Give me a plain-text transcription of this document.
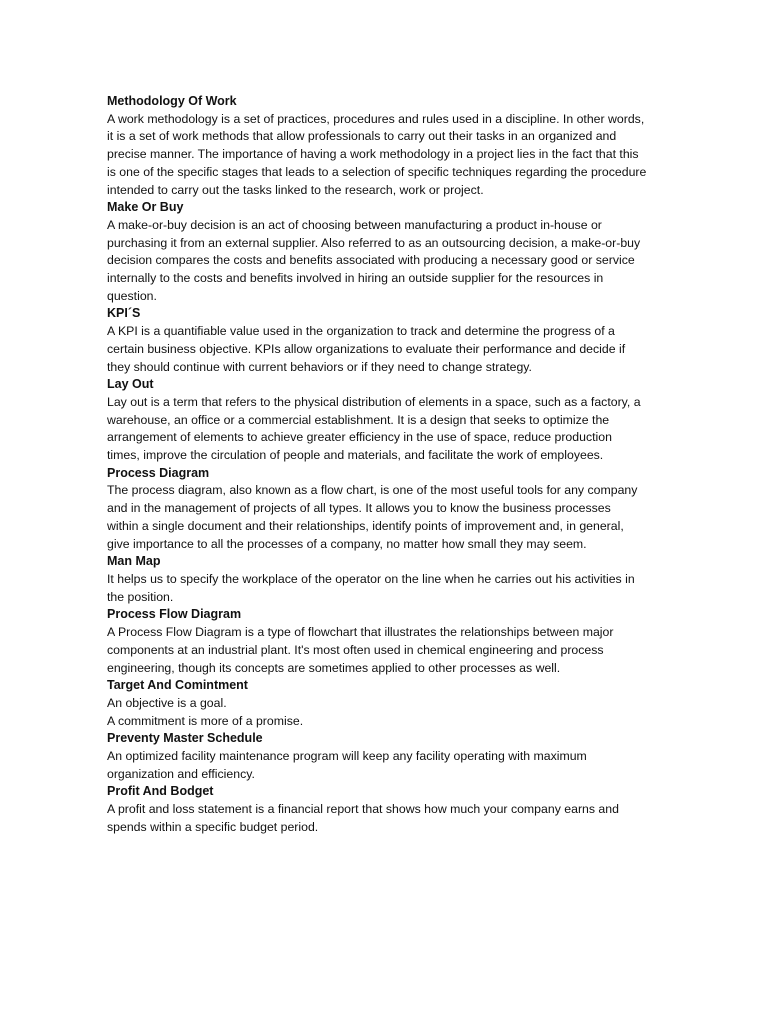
Methodology Of Work
A work methodology is a set of practices, procedures and rules used in a discipline. In other words,
it is a set of work methods that allow professionals to carry out their tasks in an organized and
precise manner. The importance of having a work methodology in a project lies in the fact that this
is one of the specific stages that leads to a selection of specific techniques regarding the procedure
intended to carry out the tasks linked to the research, work or project.
Make Or Buy
A make-or-buy decision is an act of choosing between manufacturing a product in-house or
purchasing it from an external supplier. Also referred to as an outsourcing decision, a make-or-buy
decision compares the costs and benefits associated with producing a necessary good or service
internally to the costs and benefits involved in hiring an outside supplier for the resources in
question.
KPI´S
A KPI is a quantifiable value used in the organization to track and determine the progress of a
certain business objective. KPIs allow organizations to evaluate their performance and decide if
they should continue with current behaviors or if they need to change strategy.
Lay Out
Lay out is a term that refers to the physical distribution of elements in a space, such as a factory, a
warehouse, an office or a commercial establishment. It is a design that seeks to optimize the
arrangement of elements to achieve greater efficiency in the use of space, reduce production
times, improve the circulation of people and materials, and facilitate the work of employees.
Process Diagram
The process diagram, also known as a flow chart, is one of the most useful tools for any company
and in the management of projects of all types. It allows you to know the business processes
within a single document and their relationships, identify points of improvement and, in general,
give importance to all the processes of a company, no matter how small they may seem.
Man Map
It helps us to specify the workplace of the operator on the line when he carries out his activities in
the position.
Process Flow Diagram
A Process Flow Diagram is a type of flowchart that illustrates the relationships between major
components at an industrial plant. It's most often used in chemical engineering and process
engineering, though its concepts are sometimes applied to other processes as well.
Target And Comintment
An objective is a goal.
A commitment is more of a promise.
Preventy Master Schedule
An optimized facility maintenance program will keep any facility operating with maximum
organization and efficiency.
Profit And Bodget
A profit and loss statement is a financial report that shows how much your company earns and
spends within a specific budget period.
